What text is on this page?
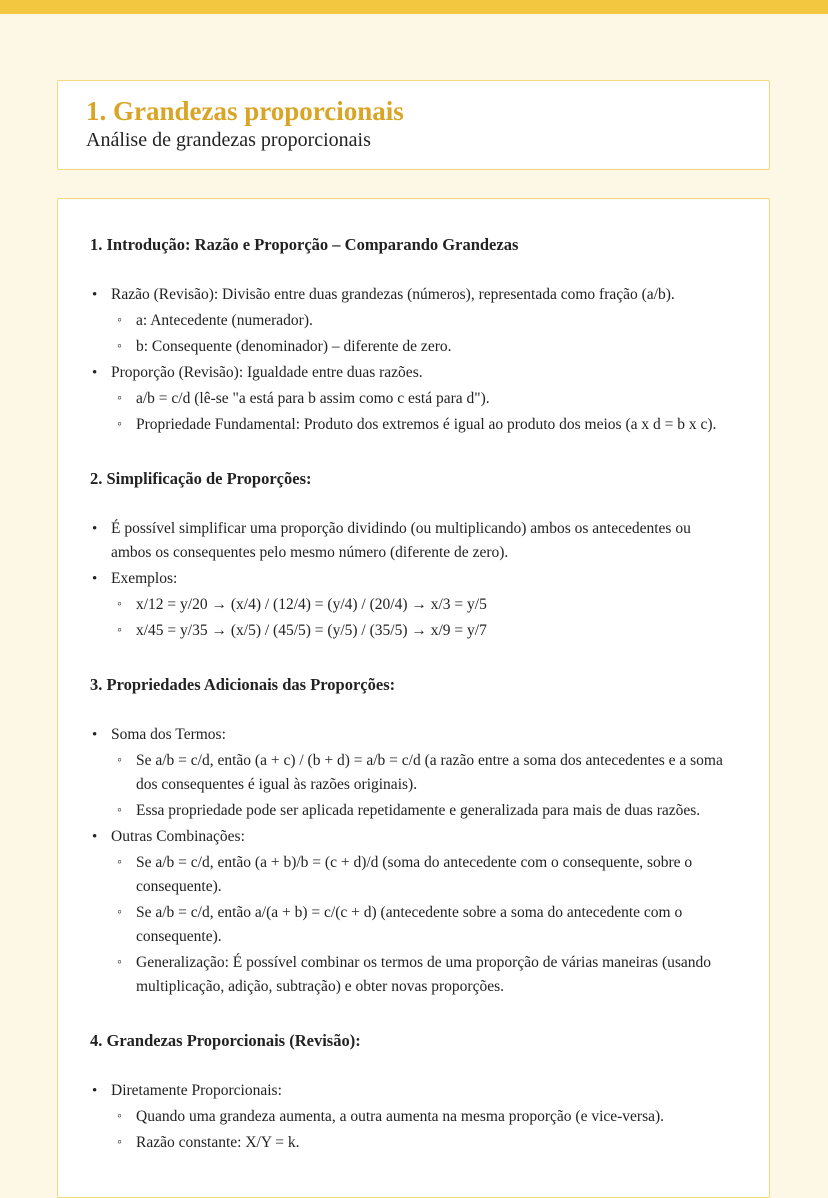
1. Grandezas proporcionais
Análise de grandezas proporcionais
1. Introdução: Razão e Proporção – Comparando Grandezas
• Razão (Revisão): Divisão entre duas grandezas (números), representada como fração (a/b).
◦ a: Antecedente (numerador).
◦ b: Consequente (denominador) – diferente de zero.
• Proporção (Revisão): Igualdade entre duas razões.
◦ a/b = c/d (lê-se "a está para b assim como c está para d").
◦ Propriedade Fundamental: Produto dos extremos é igual ao produto dos meios (a x d = b x c).
2. Simplificação de Proporções:
• É possível simplificar uma proporção dividindo (ou multiplicando) ambos os antecedentes ou ambos os consequentes pelo mesmo número (diferente de zero).
• Exemplos:
◦ x/12 = y/20 → (x/4) / (12/4) = (y/4) / (20/4) → x/3 = y/5
◦ x/45 = y/35 → (x/5) / (45/5) = (y/5) / (35/5) → x/9 = y/7
3. Propriedades Adicionais das Proporções:
• Soma dos Termos:
◦ Se a/b = c/d, então (a + c) / (b + d) = a/b = c/d (a razão entre a soma dos antecedentes e a soma dos consequentes é igual às razões originais).
◦ Essa propriedade pode ser aplicada repetidamente e generalizada para mais de duas razões.
• Outras Combinações:
◦ Se a/b = c/d, então (a + b)/b = (c + d)/d (soma do antecedente com o consequente, sobre o consequente).
◦ Se a/b = c/d, então a/(a + b) = c/(c + d) (antecedente sobre a soma do antecedente com o consequente).
◦ Generalização: É possível combinar os termos de uma proporção de várias maneiras (usando multiplicação, adição, subtração) e obter novas proporções.
4. Grandezas Proporcionais (Revisão):
• Diretamente Proporcionais:
◦ Quando uma grandeza aumenta, a outra aumenta na mesma proporção (e vice-versa).
◦ Razão constante: X/Y = k.
